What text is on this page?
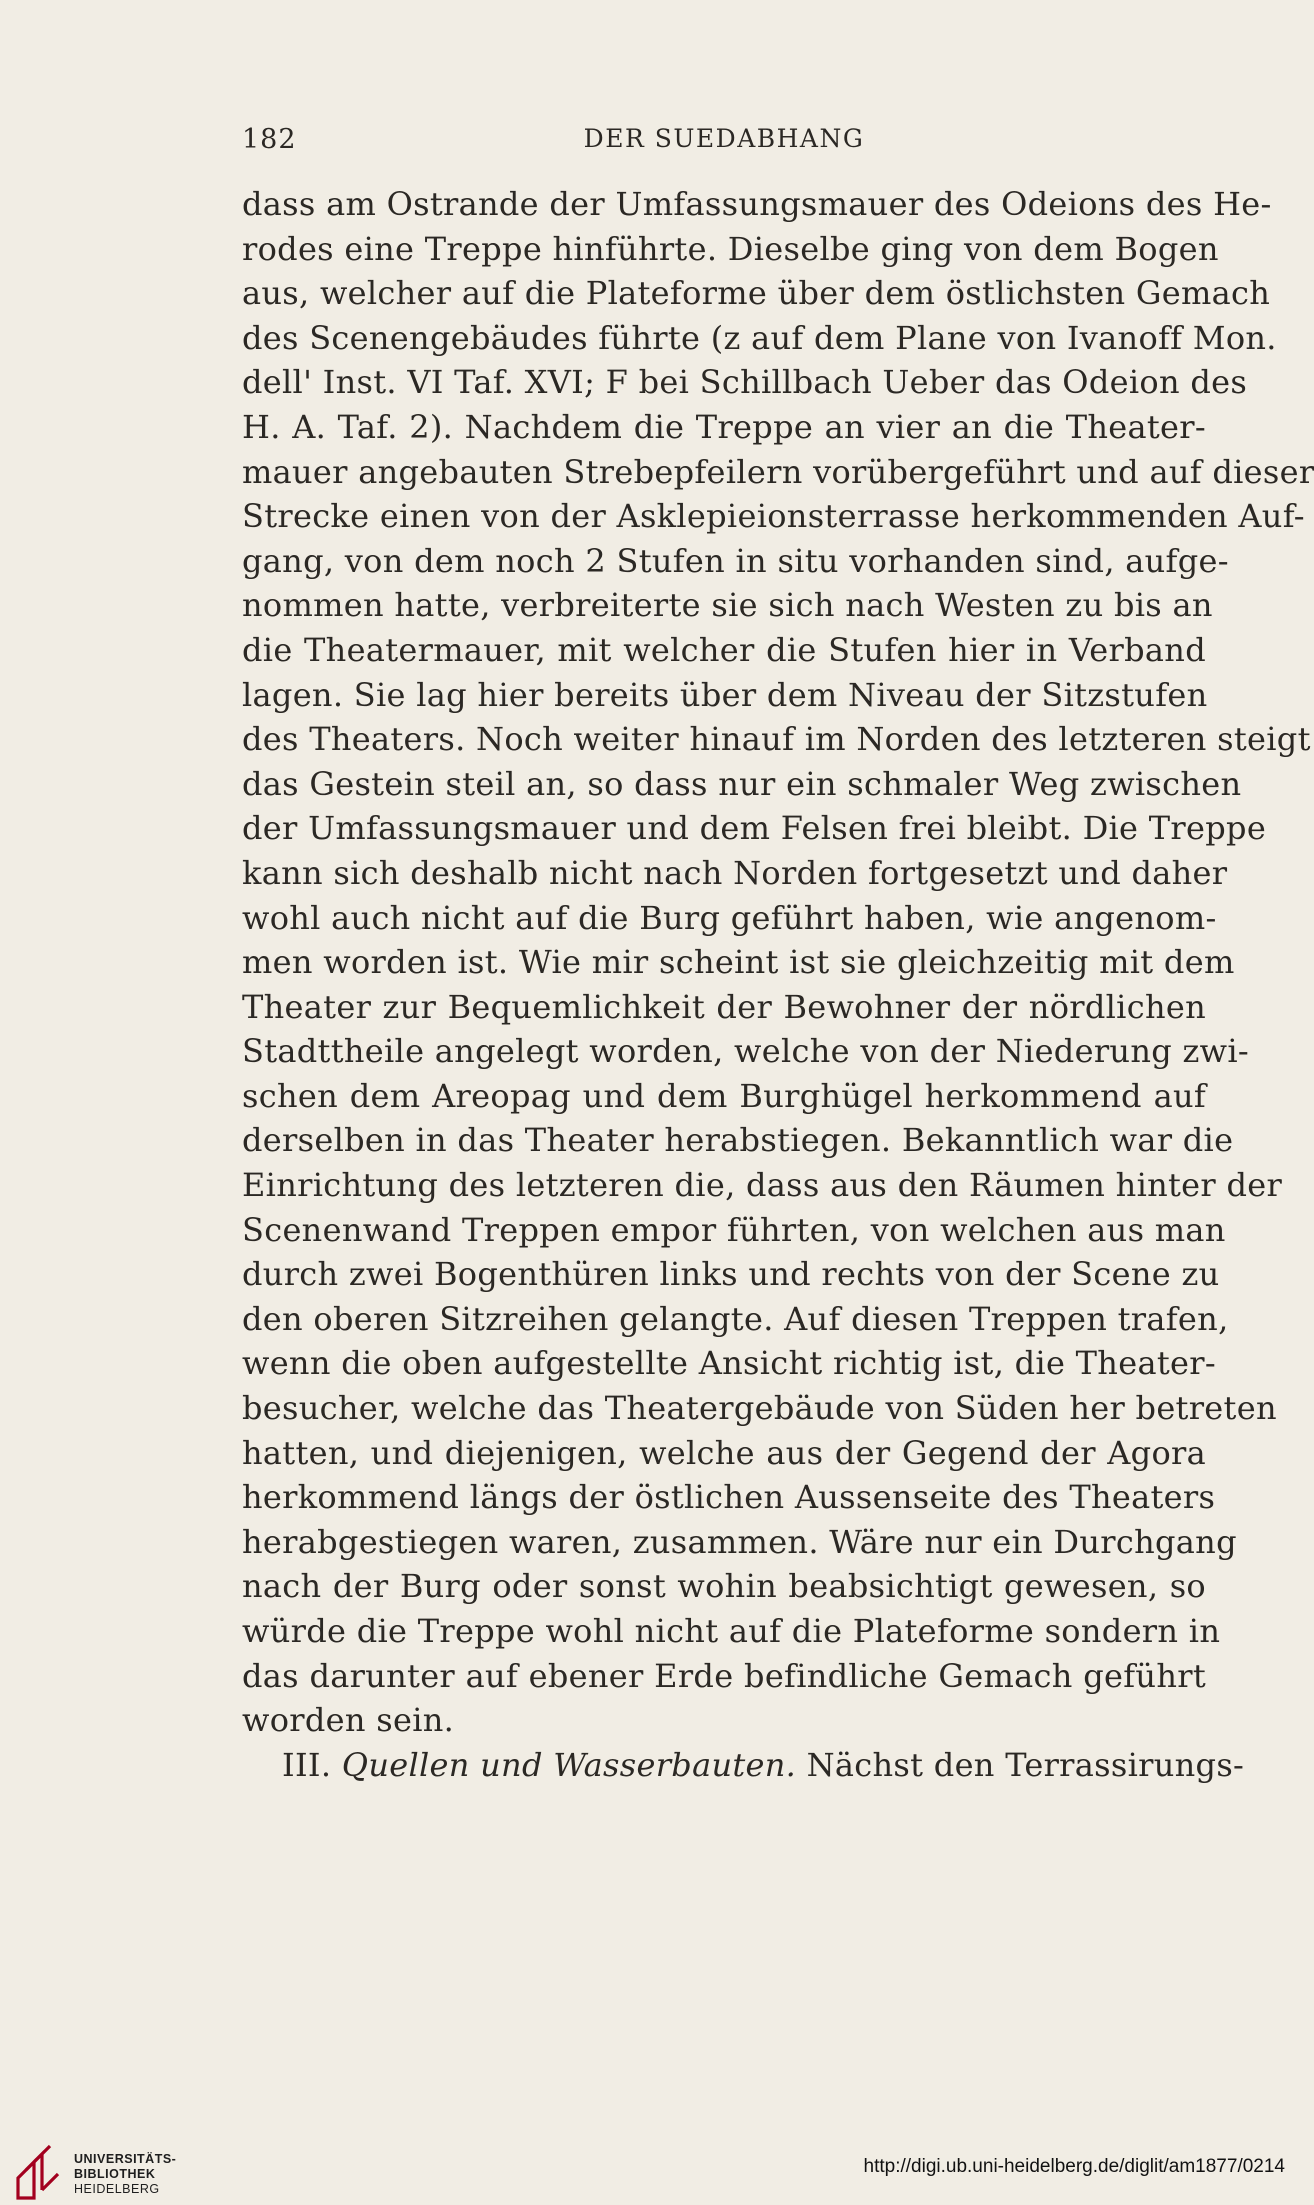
182	DER SUEDABHANG
dass am Ostrande der Umfassungsmauer des Odeions des He-
rodes eine Treppe hinführte. Dieselbe ging von dem Bogen
aus, welcher auf die Plateforme über dem östlichsten Gemach
des Scenengebäudes führte (z auf dem Plane von Ivanoff Mon.
dell' Inst. VI Taf. XVI; F bei Schillbach Ueber das Odeion des
H. A. Taf. 2). Nachdem die Treppe an vier an die Theater-
mauer angebauten Strebepfeilern vorübergeführt und auf dieser
Strecke einen von der Asklepieionsterrasse herkommenden Auf-
gang, von dem noch 2 Stufen in situ vorhanden sind, aufge-
nommen hatte, verbreiterte sie sich nach Westen zu bis an
die Theatermauer, mit welcher die Stufen hier in Verband
lagen. Sie lag hier bereits über dem Niveau der Sitzstufen
des Theaters. Noch weiter hinauf im Norden des letzteren steigt
das Gestein steil an, so dass nur ein schmaler Weg zwischen
der Umfassungsmauer und dem Felsen frei bleibt. Die Treppe
kann sich deshalb nicht nach Norden fortgesetzt und daher
wohl auch nicht auf die Burg geführt haben, wie angenom-
men worden ist. Wie mir scheint ist sie gleichzeitig mit dem
Theater zur Bequemlichkeit der Bewohner der nördlichen
Stadttheile angelegt worden, welche von der Niederung zwi-
schen dem Areopag und dem Burghügel herkommend auf
derselben in das Theater herabstiegen. Bekanntlich war die
Einrichtung des letzteren die, dass aus den Räumen hinter der
Scenenwand Treppen empor führten, von welchen aus man
durch zwei Bogenthüren links und rechts von der Scene zu
den oberen Sitzreihen gelangte. Auf diesen Treppen trafen,
wenn die oben aufgestellte Ansicht richtig ist, die Theater-
besucher, welche das Theatergebäude von Süden her betreten
hatten, und diejenigen, welche aus der Gegend der Agora
herkommend längs der östlichen Aussenseite des Theaters
herabgestiegen waren, zusammen. Wäre nur ein Durchgang
nach der Burg oder sonst wohin beabsichtigt gewesen, so
würde die Treppe wohl nicht auf die Plateforme sondern in
das darunter auf ebener Erde befindliche Gemach geführt
worden sein.
III. Quellen und Wasserbauten. Nächst den Terrassirungs-
UNIVERSITÄTS-
BIBLIOTHEK
HEIDELBERG
http://digi.ub.uni-heidelberg.de/diglit/am1877/0214
